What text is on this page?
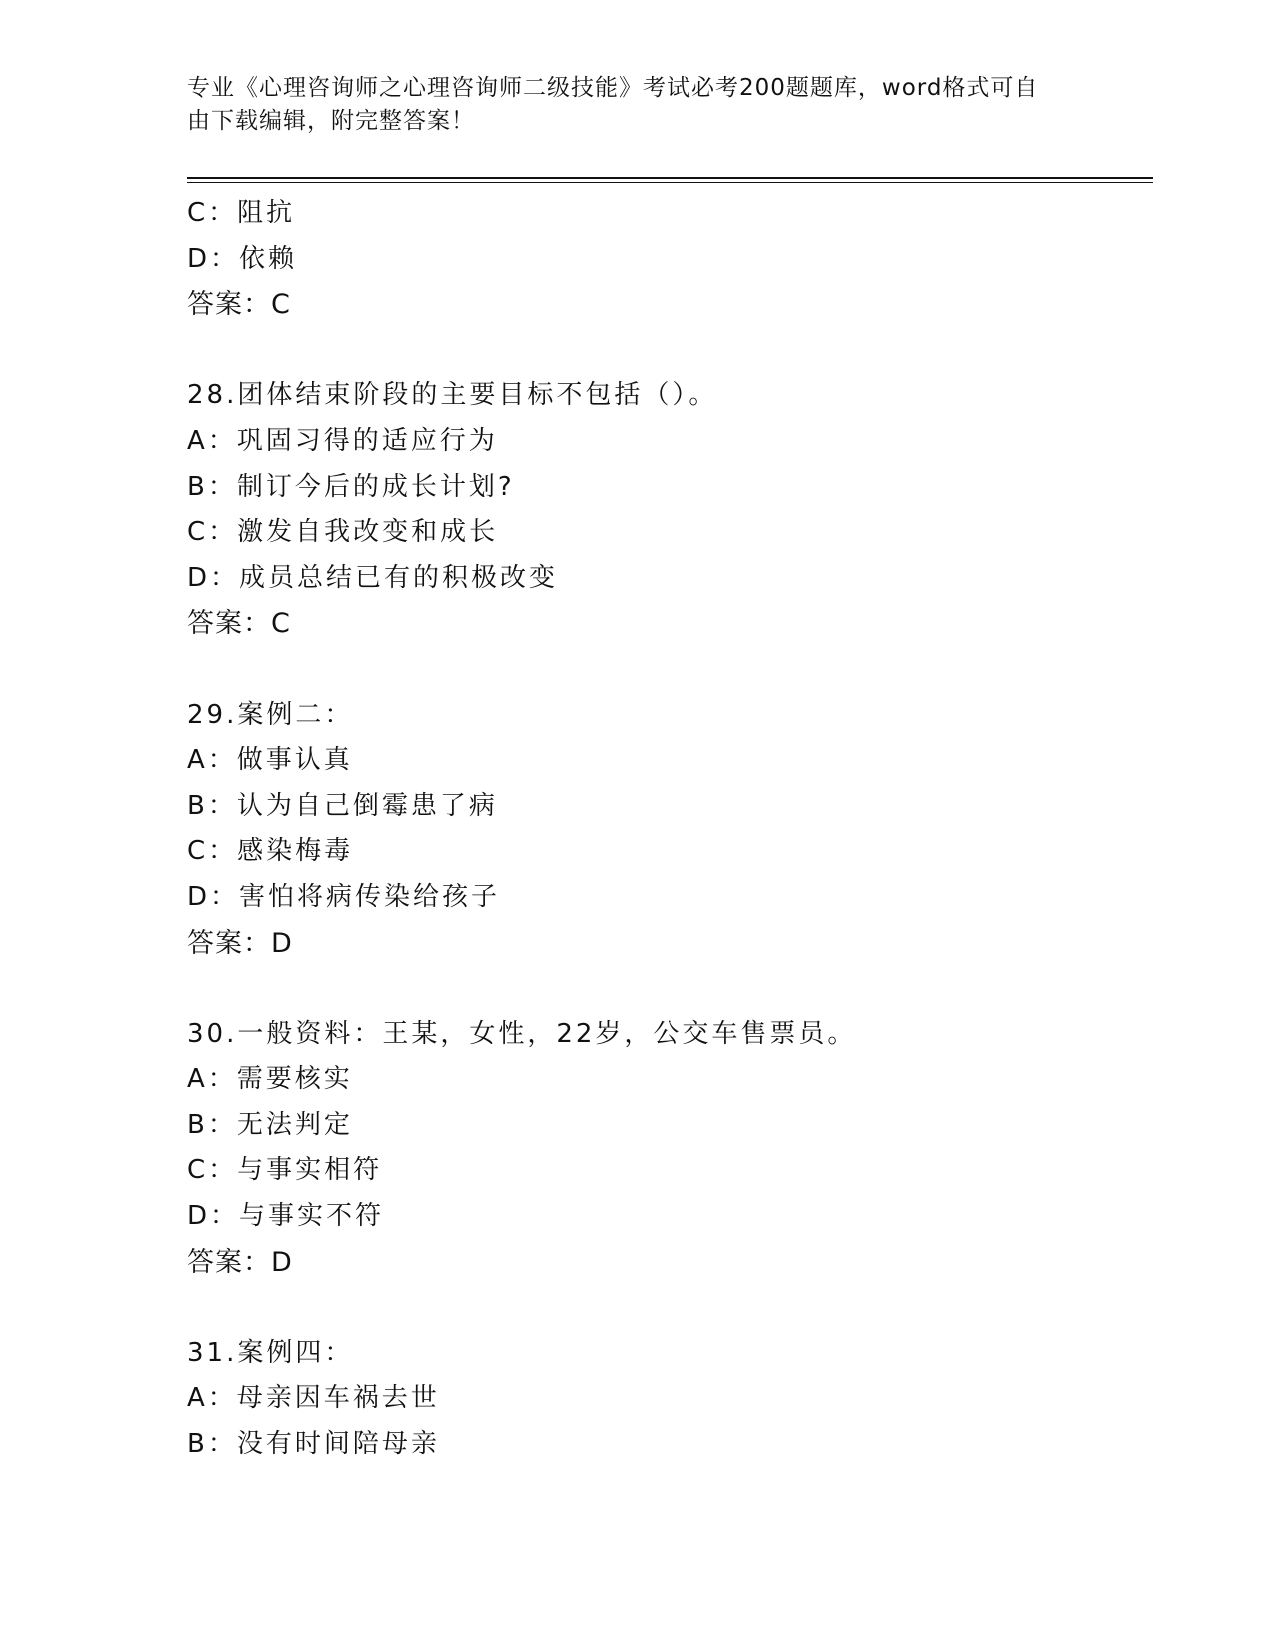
专业《心理咨询师之心理咨询师二级技能》考试必考200题题库，word格式可自
由下载编辑，附完整答案！
C：阻抗
D：依赖
答案：C
28.团体结束阶段的主要目标不包括（）。
A：巩固习得的适应行为
B：制订今后的成长计划?
C：激发自我改变和成长
D：成员总结已有的积极改变
答案：C
29.案例二：
A：做事认真
B：认为自己倒霉患了病
C：感染梅毒
D：害怕将病传染给孩子
答案：D
30.一般资料：王某，女性，22岁，公交车售票员。
A：需要核实
B：无法判定
C：与事实相符
D：与事实不符
答案：D
31.案例四：
A：母亲因车祸去世
B：没有时间陪母亲
